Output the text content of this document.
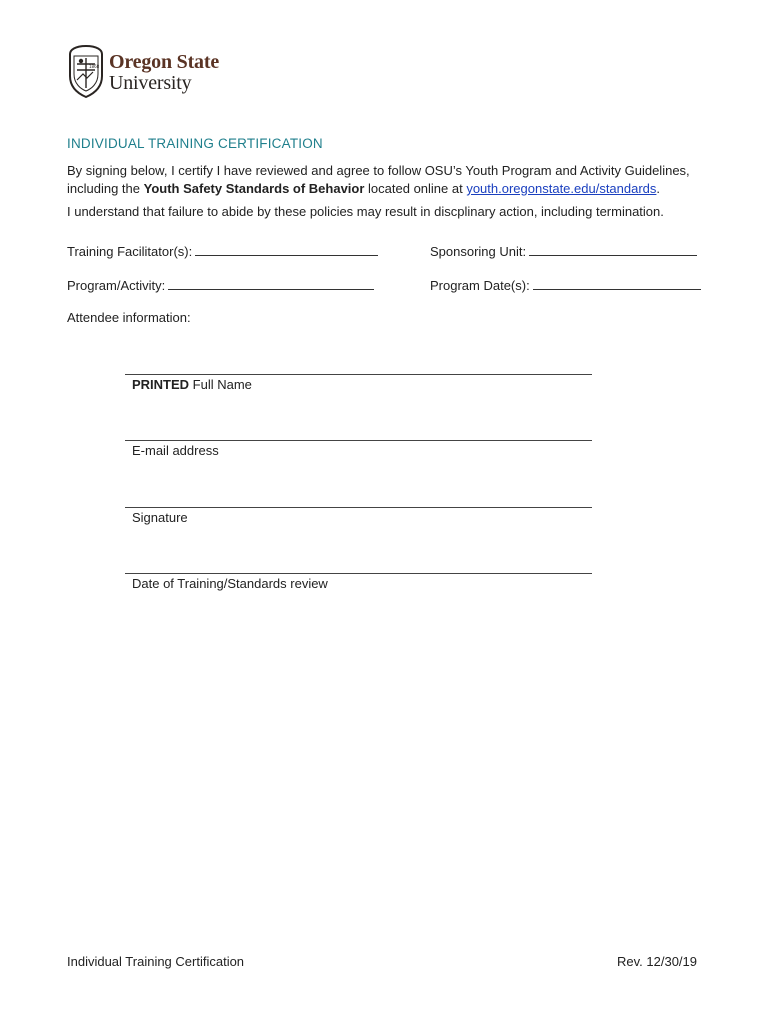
1868 Oregon State
University
INDIVIDUAL TRAINING CERTIFICATION
By signing below, I certify I have reviewed and agree to follow OSU’s Youth Program and Activity Guidelines, including the Youth Safety Standards of Behavior located online at youth.oregonstate.edu/standards.
I understand that failure to abide by these policies may result in discplinary action, including termination.
Training Facilitator(s):	Sponsoring Unit:
Program/Activity:	Program Date(s):
Attendee information:
PRINTED Full Name
E-mail address
Signature
Date of Training/Standards review
Individual Training Certification	Rev. 12/30/19
